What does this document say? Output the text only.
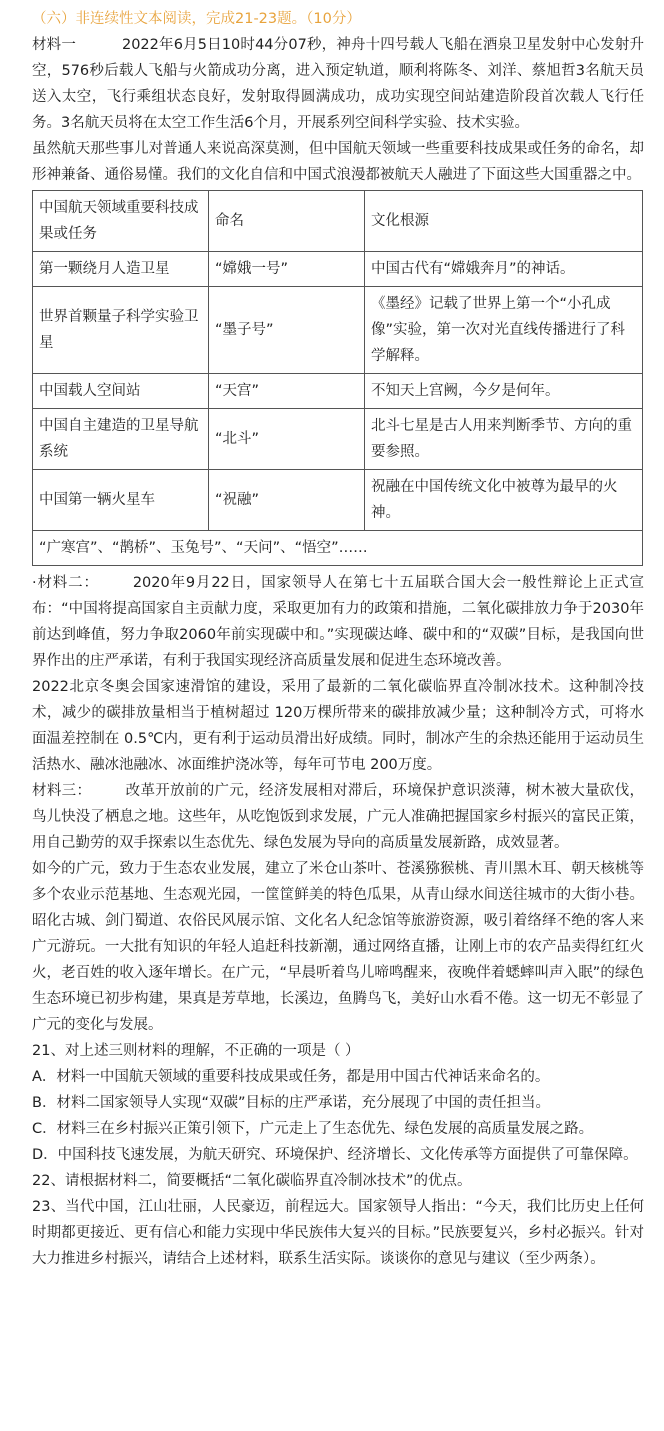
（六）非连续性文本阅读，完成21-23题。（10分）

材料一	2022年6月5日10时44分07秒，神舟十四号载人飞船在酒泉卫星发射中心发射升空，576秒后载人飞船与火箭成功分离，进入预定轨道，顺利将陈冬、刘洋、蔡旭哲3名航天员送入太空，飞行乘组状态良好，发射取得圆满成功，成功实现空间站建造阶段首次载人飞行任务。3名航天员将在太空工作生活6个月，开展系列空间科学实验、技术实验。

虽然航天那些事儿对普通人来说高深莫测，但中国航天领域一些重要科技成果或任务的命名，却形神兼备、通俗易懂。我们的文化自信和中国式浪漫都被航天人融进了下面这些大国重器之中。

中国航天领域重要科技成果或任务	命名	文化根源
第一颗绕月人造卫星	“嫦娥一号”	中国古代有“嫦娥奔月”的神话。
世界首颗量子科学实验卫星	“墨子号”	《墨经》记载了世界上第一个“小孔成像”实验，第一次对光直线传播进行了科学解释。
中国载人空间站	“天宫”	不知天上宫阙，今夕是何年。
中国自主建造的卫星导航系统	“北斗”	北斗七星是古人用来判断季节、方向的重要参照。
中国第一辆火星车	“祝融”	祝融在中国传统文化中被尊为最早的火神。
“广寒宫”、“鹊桥”、玉兔号”、“天问”、“悟空”……		

·材料二： 2020年9月22日，国家领导人在第七十五届联合国大会一般性辩论上正式宣布：“中国将提高国家自主贡献力度，采取更加有力的政策和措施，二氧化碳排放力争于2030年前达到峰值，努力争取2060年前实现碳中和。”实现碳达峰、碳中和的“双碳”目标，是我国向世界作出的庄严承诺，有利于我国实现经济高质量发展和促进生态环境改善。

2022北京冬奥会国家速滑馆的建设，采用了最新的二氧化碳临界直冷制冰技术。这种制冷技术，减少的碳排放量相当于植树超过 120万棵所带来的碳排放减少量；这种制冷方式，可将水面温差控制在 0.5℃内，更有利于运动员滑出好成绩。同时，制冰产生的余热还能用于运动员生活热水、融冰池融冰、冰面维护浇冰等，每年可节电 200万度。

材料三： 改革开放前的广元，经济发展相对滞后，环境保护意识淡薄，树木被大量砍伐，鸟儿快没了栖息之地。这些年，从吃饱饭到求发展，广元人准确把握国家乡村振兴的富民正策，用自己勤劳的双手探索以生态优先、绿色发展为导向的高质量发展新路，成效显著。

如今的广元，致力于生态农业发展，建立了米仓山茶叶、苍溪猕猴桃、青川黑木耳、朝天核桃等多个农业示范基地、生态观光园，一筐筐鲜美的特色瓜果，从青山绿水间送往城市的大街小巷。昭化古城、剑门蜀道、农俗民风展示馆、文化名人纪念馆等旅游资源，吸引着络绎不绝的客人来广元游玩。一大批有知识的年轻人追赶科技新潮，通过网络直播，让刚上市的农产品卖得红红火火，老百姓的收入逐年增长。在广元，“早晨听着鸟儿啼鸣醒来，夜晚伴着蟋蟀叫声入眠”的绿色生态环境已初步构建，果真是芳草地，长溪边，鱼腾鸟飞，美好山水看不倦。这一切无不彰显了广元的变化与发展。

21、对上述三则材料的理解，不正确的一项是（ ）

A．材料一中国航天领域的重要科技成果或任务，都是用中国古代神话来命名的。

B．材料二国家领导人实现“双碳”目标的庄严承诺，充分展现了中国的责任担当。

C．材料三在乡村振兴正策引领下，广元走上了生态优先、绿色发展的高质量发展之路。

D．中国科技飞速发展，为航天研究、环境保护、经济增长、文化传承等方面提供了可靠保障。

22、请根据材料二，简要概括“二氧化碳临界直冷制冰技术”的优点。

23、当代中国，江山壮丽，人民豪迈，前程远大。国家领导人指出：“今天，我们比历史上任何时期都更接近、更有信心和能力实现中华民族伟大复兴的目标。”民族要复兴，乡村必振兴。针对大力推进乡村振兴，请结合上述材料，联系生活实际。谈谈你的意见与建议（至少两条）。
